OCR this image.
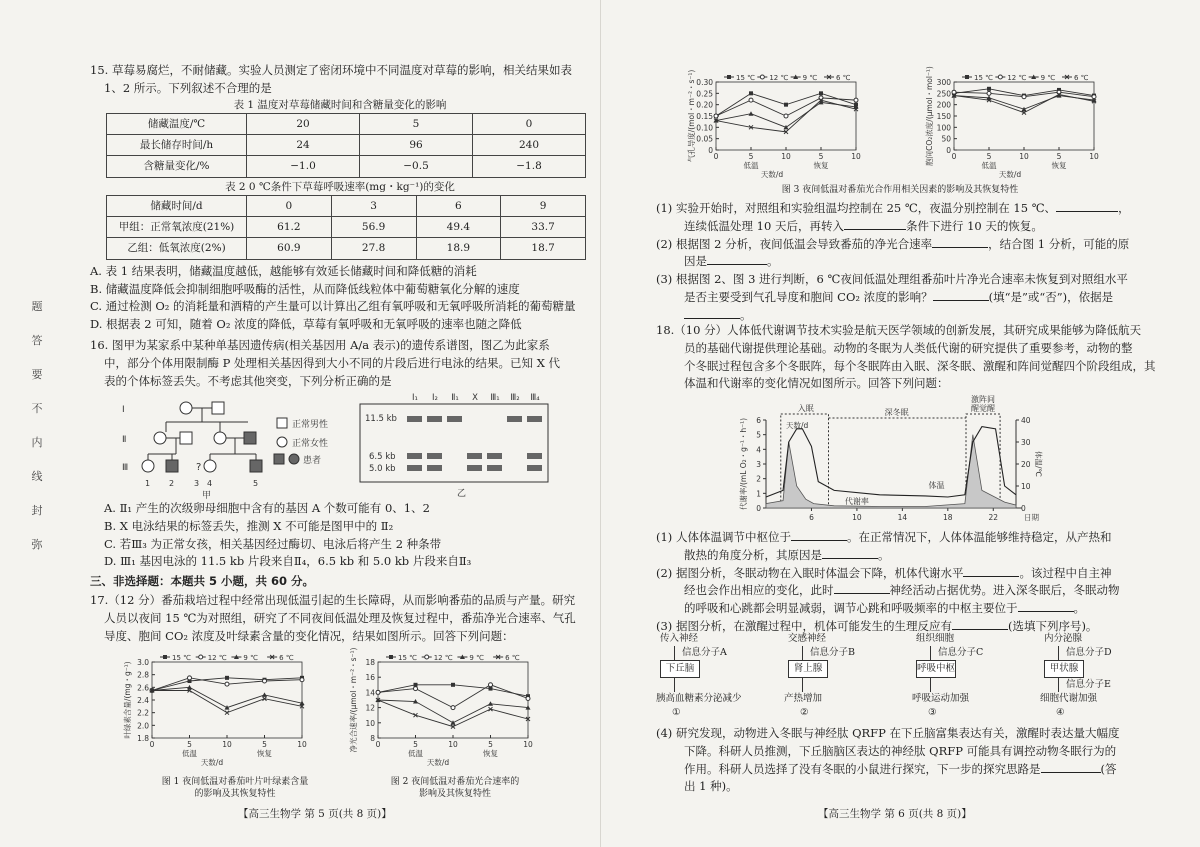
题
答
要
不
内
线
封
弥

15. 草莓易腐烂，不耐储藏。实验人员测定了密闭环境中不同温度对草莓的影响，相关结果如表

1、2 所示。下列叙述不合理的是

表 1 温度对草莓储藏时间和含糖量变化的影响
储藏温度/℃	20	5	0
最长储存时间/h	24	96	240
含糖量变化/%	−1.0	−0.5	−1.8
表 2 0 ℃条件下草莓呼吸速率(mg・kg⁻¹)的变化
储藏时间/d	0	3	6	9
甲组：正常氧浓度(21%)	61.2	56.9	49.4	33.7
乙组：低氧浓度(2%)	60.9	27.8	18.9	18.7

A. 表 1 结果表明，储藏温度越低，越能够有效延长储藏时间和降低糖的消耗

B. 储藏温度降低会抑制细胞呼吸酶的活性，从而降低线粒体中葡萄糖氧化分解的速度

C. 通过检测 O₂ 的消耗量和酒精的产生量可以计算出乙组有氧呼吸和无氧呼吸所消耗的葡萄糖量

D. 根据表 2 可知，随着 O₂ 浓度的降低，草莓有氧呼吸和无氧呼吸的速率也随之降低

16. 图甲为某家系中某种单基因遗传病(相关基因用 A/a 表示)的遗传系谱图，图乙为此家系

中，部分个体用限制酶 P 处理相关基因得到大小不同的片段后进行电泳的结果。已知 X 代

表的个体标签丢失。不考虑其他突变，下列分析正确的是

?
Ⅰ
Ⅱ
Ⅲ
1 2 3 4	5
甲
正常男性
正常女性
患者
Ⅰ₁ Ⅰ₂ Ⅱ₁ X Ⅲ₁ Ⅲ₂ Ⅲ₄
11.5 kb
6.5 kb
5.0 kb
乙

A. Ⅱ₁ 产生的次级卵母细胞中含有的基因 A 个数可能有 0、1、2

B. X 电泳结果的标签丢失，推测 X 不可能是图甲中的 Ⅱ₂

C. 若Ⅲ₃ 为正常女孩，相关基因经过酶切、电泳后将产生 2 种条带

D. Ⅲ₁ 基因电泳的 11.5 kb 片段来自Ⅱ₄，6.5 kb 和 5.0 kb 片段来自Ⅱ₃

三、非选择题：本题共 5 小题，共 60 分。

17.（12 分）番茄栽培过程中经常出现低温引起的生长障碍，从而影响番茄的品质与产量。研究

人员以夜间 15 ℃为对照组，研究了不同夜间低温处理及恢复过程中，番茄净光合速率、气孔

导度、胞间 CO₂ 浓度及叶绿素含量的变化情况，结果如图所示。回答下列问题：

1.8
2.0
2.2
2.4
2.6
2.8
3.0
0	5	10	5	10
低温	恢复
天数/d
叶绿素含量/(mg・g⁻¹)
15 ℃ 12 ℃ 9 ℃	6 ℃
图 1 夜间低温对番茄叶片叶绿素含量
的影响及其恢复特性
8
10
12
14
16
18
0	5	10	5	10
低温	恢复
天数/d
净光合速率/(μmol・m⁻²・s⁻¹)	15 ℃ 12 ℃ 9 ℃	6 ℃
图 2 夜间低温对番茄光合速率的
影响及其恢复特性
【高三生物学 第 5 页(共 8 页)】
0
0.05
0.10
0.15
0.20
0.25
0.30
0	5	10	5	10
低温	恢复
天数/d
气孔导度/(mol・m⁻²・s⁻¹)	15 ℃ 12 ℃ 9 ℃	6 ℃
0
50
100
150
200
250
300
0	5	10	5	10
低温	恢复
天数/d
胞间CO₂浓度/(μmol・mol⁻¹)	15 ℃ 12 ℃ 9 ℃	6 ℃
图 3 夜间低温对番茄光合作用相关因素的影响及其恢复特性

(1) 实验开始时，对照组和实验组温均控制在 25 ℃，夜温分别控制在 15 ℃、	，

连续低温处理 10 天后，再转入	条件下进行 10 天的恢复。

(2) 根据图 2 分析，夜间低温会导致番茄的净光合速率	，结合图 1 分析，可能的原

因是	。

(3) 根据图 2、图 3 进行判断，6 ℃夜间低温处理组番茄叶片净光合速率未恢复到对照组水平

是否主要受到气孔导度和胞间 CO₂ 浓度的影响？	(填“是”或“否”)，依据是

。

18.（10 分）人体低代谢调节技术实验是航天医学领域的创新发展，其研究成果能够为降低航天

员的基础代谢提供理论基础。动物的冬眠为人类低代谢的研究提供了重要参考，动物的整

个冬眠过程包含多个冬眠阵，每个冬眠阵由入眠、深冬眠、激醒和阵间觉醒四个阶段组成，其

体温和代谢率的变化情况如图所示。回答下列问题：

0
1
2
3
4
5
6
0
10
20
30
40
6	10	14	18	22	日期
代谢率/(mL O₂・g⁻¹・h⁻¹)	体温/℃
入眠	深冬眠
激阵间
醒觉醒
天数/d
体温
代谢率

(1) 人体体温调节中枢位于	。在正常情况下，人体体温能够维持稳定，从产热和

散热的角度分析，其原因是	。

(2) 据图分析，冬眠动物在入眠时体温会下降，机体代谢水平	。该过程中自主神

经也会作出相应的变化，此时	神经活动占据优势。进入深冬眠后，冬眠动物

的呼吸和心跳都会明显减弱，调节心跳和呼吸频率的中枢主要位于	。

(3) 据图分析，在激醒过程中，机体可能发生的生理反应有	(选填下列序号)。

传入神经
信息分子A
下丘脑
胰高血糖素分泌减少
①
交感神经
信息分子B
肾上腺
产热增加
②
组织细胞
信息分子C
呼吸中枢
呼吸运动加强
③
内分泌腺
信息分子D
甲状腺
信息分子E
细胞代谢加强
④

(4) 研究发现，动物进入冬眠与神经肽 QRFP 在下丘脑富集表达有关，激醒时表达量大幅度

下降。科研人员推测，下丘脑脑区表达的神经肽 QRFP 可能具有调控动物冬眠行为的

作用。科研人员选择了没有冬眠的小鼠进行探究，下一步的探究思路是	(答

出 1 种)。

【高三生物学 第 6 页(共 8 页)】
